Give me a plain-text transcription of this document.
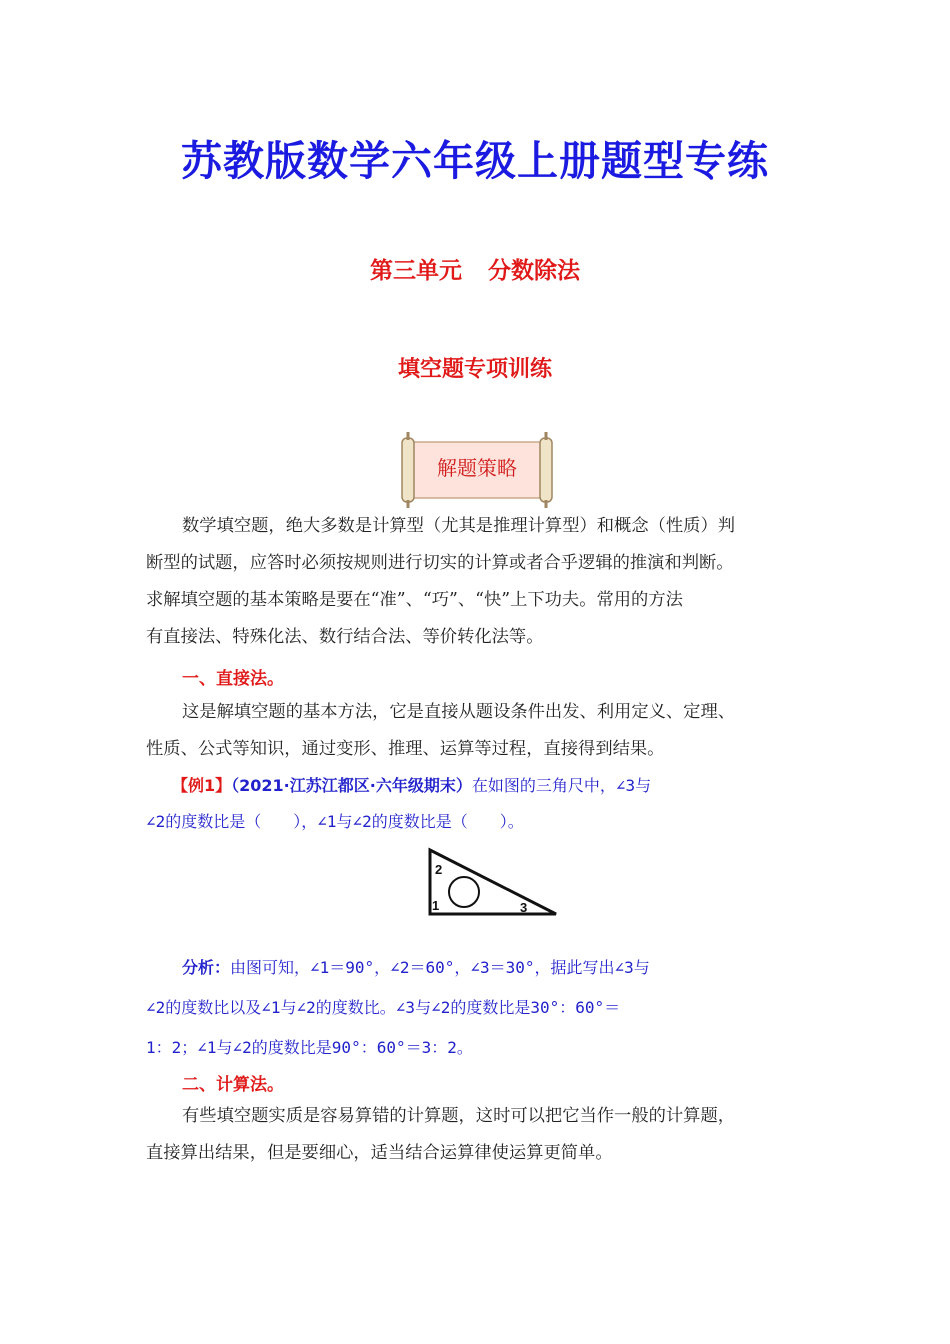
苏教版数学六年级上册题型专练
第三单元 分数除法
填空题专项训练
解题策略
数学填空题，绝大多数是计算型（尤其是推理计算型）和概念（性质）判
断型的试题，应答时必须按规则进行切实的计算或者合乎逻辑的推演和判断。
求解填空题的基本策略是要在“准”、“巧”、“快”上下功夫。常用的方法
有直接法、特殊化法、数行结合法、等价转化法等。
一、直接法。
这是解填空题的基本方法，它是直接从题设条件出发、利用定义、定理、
性质、公式等知识，通过变形、推理、运算等过程，直接得到结果。
【例1】（2021·江苏江都区·六年级期末）在如图的三角尺中，∠3与
∠2的度数比是（　　），∠1与∠2的度数比是（　　）。
2
1	3
分析：由图可知，∠1＝90°，∠2＝60°，∠3＝30°，据此写出∠3与
∠2的度数比以及∠1与∠2的度数比。∠3与∠2的度数比是30°：60°＝
1：2；∠1与∠2的度数比是90°：60°＝3：2。
二、计算法。
有些填空题实质是容易算错的计算题，这时可以把它当作一般的计算题，
直接算出结果，但是要细心，适当结合运算律使运算更简单。
